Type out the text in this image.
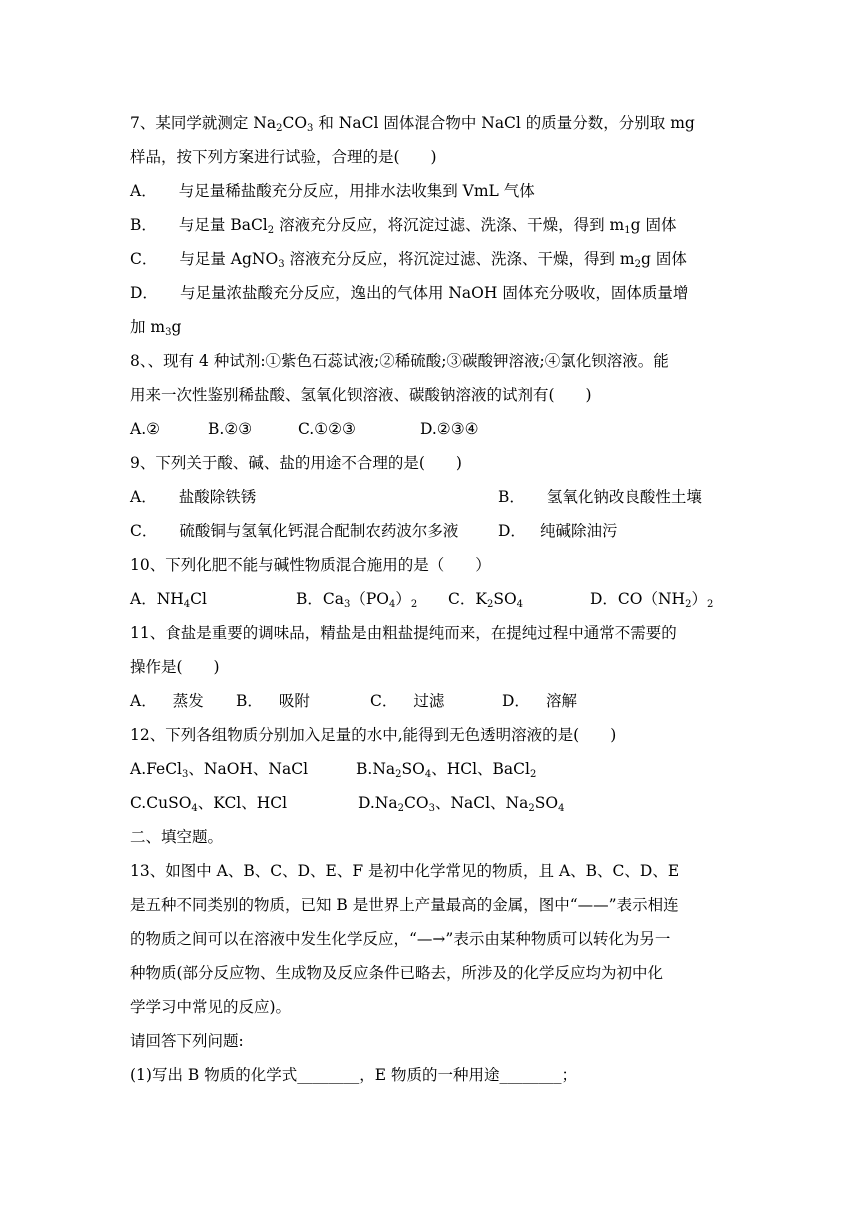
7、某同学就测定 $Na_2CO_3$ 和 NaCl 固体混合物中 NaCl 的质量分数，分别取 mg
样品，按下列方案进行试验，合理的是(　　)
A． 与足量稀盐酸充分反应，用排水法收集到 VmL 气体
B． 与足量 BaCl$_2$ 溶液充分反应，将沉淀过滤、洗涤、干燥，得到 $m_1g$ 固体
C． 与足量 AgNO$_3$ 溶液充分反应，将沉淀过滤、洗涤、干燥，得到 $m_2g$ 固体
D． 与足量浓盐酸充分反应，逸出的气体用 NaOH 固体充分吸收，固体质量增
加 $m_3g$
8、、现有 4 种试剂:①紫色石蕊试液;②稀硫酸;③碳酸钾溶液;④氯化钡溶液。能
用来一次性鉴别稀盐酸、氢氧化钡溶液、碳酸钠溶液的试剂有(　　)
A.②	B.②③	C.①②③	D.②③④
9、下列关于酸、碱、盐的用途不合理的是(　　)
A． 盐酸除铁锈	B． 氢氧化钠改良酸性土壤
C． 硫酸铜与氢氧化钙混合配制农药波尔多液	D． 纯碱除油污
10、下列化肥不能与碱性物质混合施用的是（　　）
A．$NH_4Cl$	B．$Ca_3(PO_4)_2$ C．$K_2SO_4$	D．$CO(NH_2)_2$
11、食盐是重要的调味品，精盐是由粗盐提纯而来，在提纯过程中通常不需要的
操作是(　　)
A． 蒸发 B． 吸附	C． 过滤	D． 溶解
12、下列各组物质分别加入足量的水中,能得到无色透明溶液的是(　　)
A.FeCl$_3$、NaOH、NaCl	$B.Na_2SO_4$、HCl、BaCl$_2$
C.CuSO$_4$、KCl、HCl	$D.Na_2CO_3$、NaCl、$Na_2SO_4$
二、填空题。
13、如图中 A、B、C、D、E、F 是初中化学常见的物质，且 A、B、C、D、E
是五种不同类别的物质，已知 B 是世界上产量最高的金属，图中“——”表示相连
的物质之间可以在溶液中发生化学反应，“—→”表示由某种物质可以转化为另一
种物质(部分反应物、生成物及反应条件已略去，所涉及的化学反应均为初中化
学学习中常见的反应)。
请回答下列问题:
(1)写出 B 物质的化学式________，E 物质的一种用途________；
